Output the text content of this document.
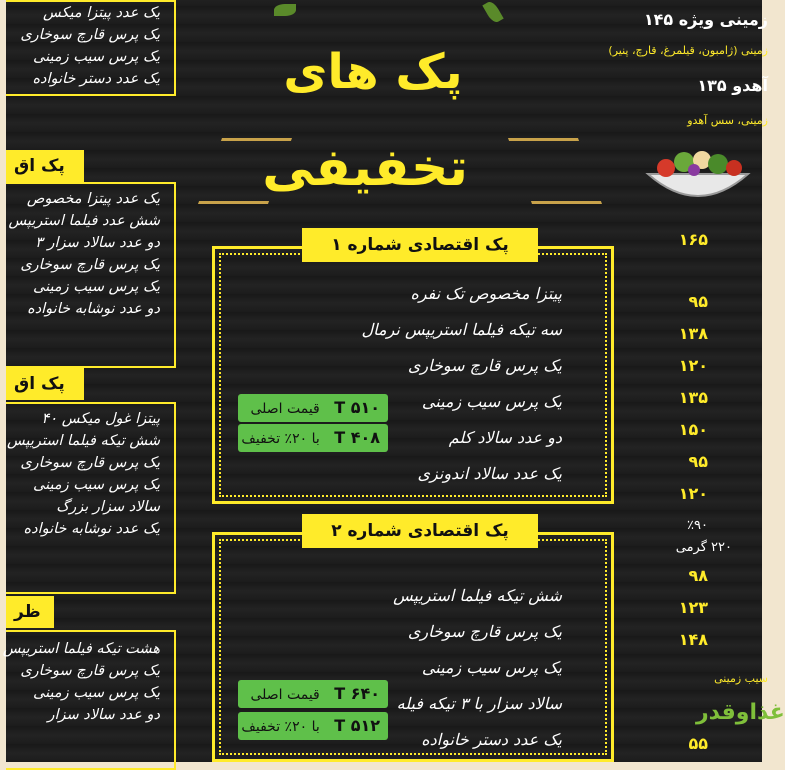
یک عدد پیتزا میکس
یک پرس قارچ سوخاری
یک پرس سیب زمینی
یک عدد دستر خانواده
پک اق
یک عدد پیتزا مخصوص
شش عدد فیلما استریپس
دو عدد سالاد سزار ۳
یک پرس قارچ سوخاری
یک پرس سیب زمینی
دو عدد نوشابه خانواده
پک اق
پیتزا غول میکس ۴۰
شش تیکه فیلما استریپس
یک پرس قارچ سوخاری
یک پرس سیب زمینی
سالاد سزار بزرگ
یک عدد نوشابه خانواده
ظر
هشت تیکه فیلما استریپس
یک پرس قارچ سوخاری
یک پرس سیب زمینی
دو عدد سالاد سزار
پک های
تخفیفی
پک اقتصادی شماره ۱
پیتزا مخصوص تک نفره
سه تیکه فیلما استریپس نرمال
یک پرس قارچ سوخاری
یک پرس سیب زمینی
دو عدد سالاد کلم
یک عدد سالاد اندونزی
۵۱۰ T قیمت اصلی
۴۰۸ T با ۲۰٪ تخفیف
پک اقتصادی شماره ۲
شش تیکه فیلما استریپس
یک پرس قارچ سوخاری
یک پرس سیب زمینی
سالاد سزار با ۳ تیکه فیله
یک عدد دستر خانواده
۶۴۰ T قیمت اصلی
۵۱۲ T با ۲۰٪ تخفیف
زمینی ویژه ۱۴۵
زمینی (ژامبون، قیلمرغ، قارچ، پنیر)
آهدو ۱۳۵
زمینی، سس آهدو
۱۶۵
۹۵
۱۳۸
۱۲۰
۱۳۵
۱۵۰
۹۵
۱۲۰
٪۹۰
۲۲۰ گرمی
۹۸
۱۲۳
۱۴۸
سیب زمینی
۵۵
غذاوقدر
